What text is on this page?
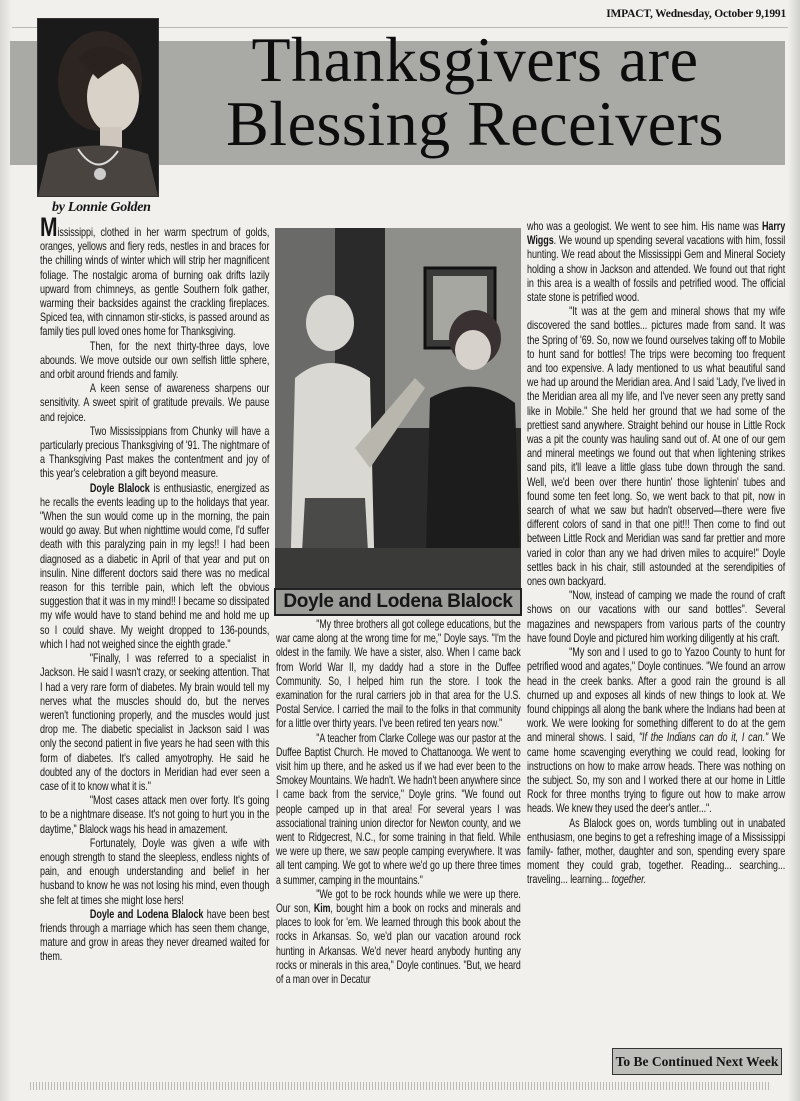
IMPACT, Wednesday, October 9,1991
Thanksgivers are
Blessing Receivers
by Lonnie Golden

Mississippi, clothed in her warm spectrum of golds, oranges, yellows and fiery reds, nestles in and braces for the chilling winds of winter which will strip her magnificent foliage. The nostalgic aroma of burning oak drifts lazily upward from chimneys, as gentle Southern folk gather, warming their backsides against the crackling fireplaces. Spiced tea, with cinnamon stir-sticks, is passed around as family ties pull loved ones home for Thanksgiving.

Then, for the next thirty-three days, love abounds. We move outside our own selfish little sphere, and orbit around friends and family.

A keen sense of awareness sharpens our sensitivity. A sweet spirit of gratitude prevails. We pause and rejoice.

Two Mississippians from Chunky will have a particularly precious Thanksgiving of '91. The nightmare of a Thanksgiving Past makes the contentment and joy of this year's celebration a gift beyond measure.

Doyle Blalock is enthusiastic, energized as he recalls the events leading up to the holidays that year. "When the sun would come up in the morning, the pain would go away. But when nighttime would come, I'd suffer death with this paralyzing pain in my legs!! I had been diagnosed as a diabetic in April of that year and put on insulin. Nine different doctors said there was no medical reason for this terrible pain, which left the obvious suggestion that it was in my mind!! I became so dissipated my wife would have to stand behind me and hold me up so I could shave. My weight dropped to 136-pounds, which I had not weighed since the eighth grade."

"Finally, I was referred to a specialist in Jackson. He said I wasn't crazy, or seeking attention. That I had a very rare form of diabetes. My brain would tell my nerves what the muscles should do, but the nerves weren't functioning properly, and the muscles would just drop me. The diabetic specialist in Jackson said I was only the second patient in five years he had seen with this form of diabetes. It's called amyotrophy. He said he doubted any of the doctors in Meridian had ever seen a case of it to know what it is."

"Most cases attack men over forty. It's going to be a nightmare disease. It's not going to hurt you in the daytime," Blalock wags his head in amazement.

Fortunately, Doyle was given a wife with enough strength to stand the sleepless, endless nights of pain, and enough understanding and belief in her husband to know he was not losing his mind, even though she felt at times she might lose hers!

Doyle and Lodena Blalock have been best friends through a marriage which has seen them change, mature and grow in areas they never dreamed waited for them.

Doyle and Lodena Blalock

"My three brothers all got college educations, but the war came along at the wrong time for me," Doyle says. "I'm the oldest in the family. We have a sister, also. When I came back from World War II, my daddy had a store in the Duffee Community. So, I helped him run the store. I took the examination for the rural carriers job in that area for the U.S. Postal Service. I carried the mail to the folks in that community for a little over thirty years. I've been retired ten years now."

"A teacher from Clarke College was our pastor at the Duffee Baptist Church. He moved to Chattanooga. We went to visit him up there, and he asked us if we had ever been to the Smokey Mountains. We hadn't. We hadn't been anywhere since I came back from the service," Doyle grins. "We found out people camped up in that area! For several years I was associational training union director for Newton county, and we went to Ridgecrest, N.C., for some training in that field. While we were up there, we saw people camping everywhere. It was all tent camping. We got to where we'd go up there three times a summer, camping in the mountains."

"We got to be rock hounds while we were up there. Our son, Kim, bought him a book on rocks and minerals and places to look for 'em. We learned through this book about the rocks in Arkansas. So, we'd plan our vacation around rock hunting in Arkansas. We'd never heard anybody hunting any rocks or minerals in this area," Doyle continues. "But, we heard of a man over in Decatur

who was a geologist. We went to see him. His name was Harry Wiggs. We wound up spending several vacations with him, fossil hunting. We read about the Mississippi Gem and Mineral Society holding a show in Jackson and attended. We found out that right in this area is a wealth of fossils and petrified wood. The official state stone is petrified wood.

"It was at the gem and mineral shows that my wife discovered the sand bottles... pictures made from sand. It was the Spring of '69. So, now we found ourselves taking off to Mobile to hunt sand for bottles! The trips were becoming too frequent and too expensive. A lady mentioned to us what beautiful sand we had up around the Meridian area. And I said 'Lady, I've lived in the Meridian area all my life, and I've never seen any pretty sand like in Mobile." She held her ground that we had some of the prettiest sand anywhere. Straight behind our house in Little Rock was a pit the county was hauling sand out of. At one of our gem and mineral meetings we found out that when lightening strikes sand pits, it'll leave a little glass tube down through the sand. Well, we'd been over there huntin' those lightenin' tubes and found some ten feet long. So, we went back to that pit, now in search of what we saw but hadn't observed—there were five different colors of sand in that one pit!!! Then come to find out between Little Rock and Meridian was sand far prettier and more varied in color than any we had driven miles to acquire!" Doyle settles back in his chair, still astounded at the serendipities of ones own backyard.

"Now, instead of camping we made the round of craft shows on our vacations with our sand bottles". Several magazines and newspapers from various parts of the country have found Doyle and pictured him working diligently at his craft.

"My son and I used to go to Yazoo County to hunt for petrified wood and agates," Doyle continues. "We found an arrow head in the creek banks. After a good rain the ground is all churned up and exposes all kinds of new things to look at. We found chippings all along the bank where the Indians had been at work. We were looking for something different to do at the gem and mineral shows. I said, "If the Indians can do it, I can." We came home scavenging everything we could read, looking for instructions on how to make arrow heads. There was nothing on the subject. So, my son and I worked there at our home in Little Rock for three months trying to figure out how to make arrow heads. We knew they used the deer's antler...".

As Blalock goes on, words tumbling out in unabated enthusiasm, one begins to get a refreshing image of a Mississippi family- father, mother, daughter and son, spending every spare moment they could grab, together. Reading... searching... traveling... learning... together.

To Be Continued Next Week
